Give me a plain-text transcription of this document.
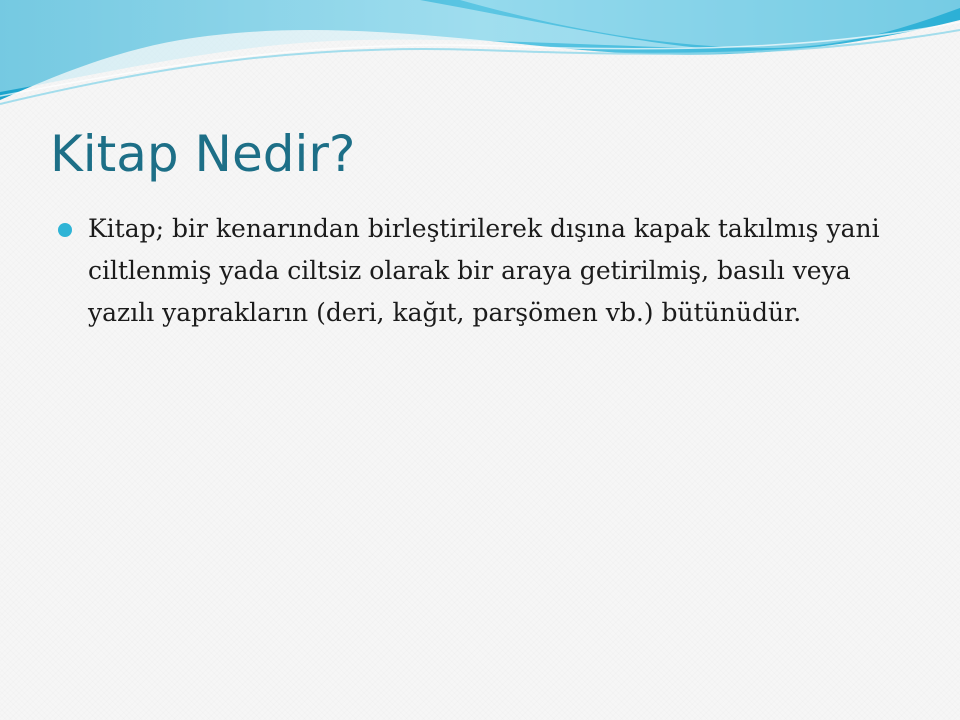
Kitap Nedir?

Kitap; bir kenarından birleştirilerek dışına kapak takılmış yani ciltlenmiş yada ciltsiz olarak bir araya getirilmiş, basılı veya yazılı yaprakların (deri, kağıt, parşömen vb.) bütünüdür.
